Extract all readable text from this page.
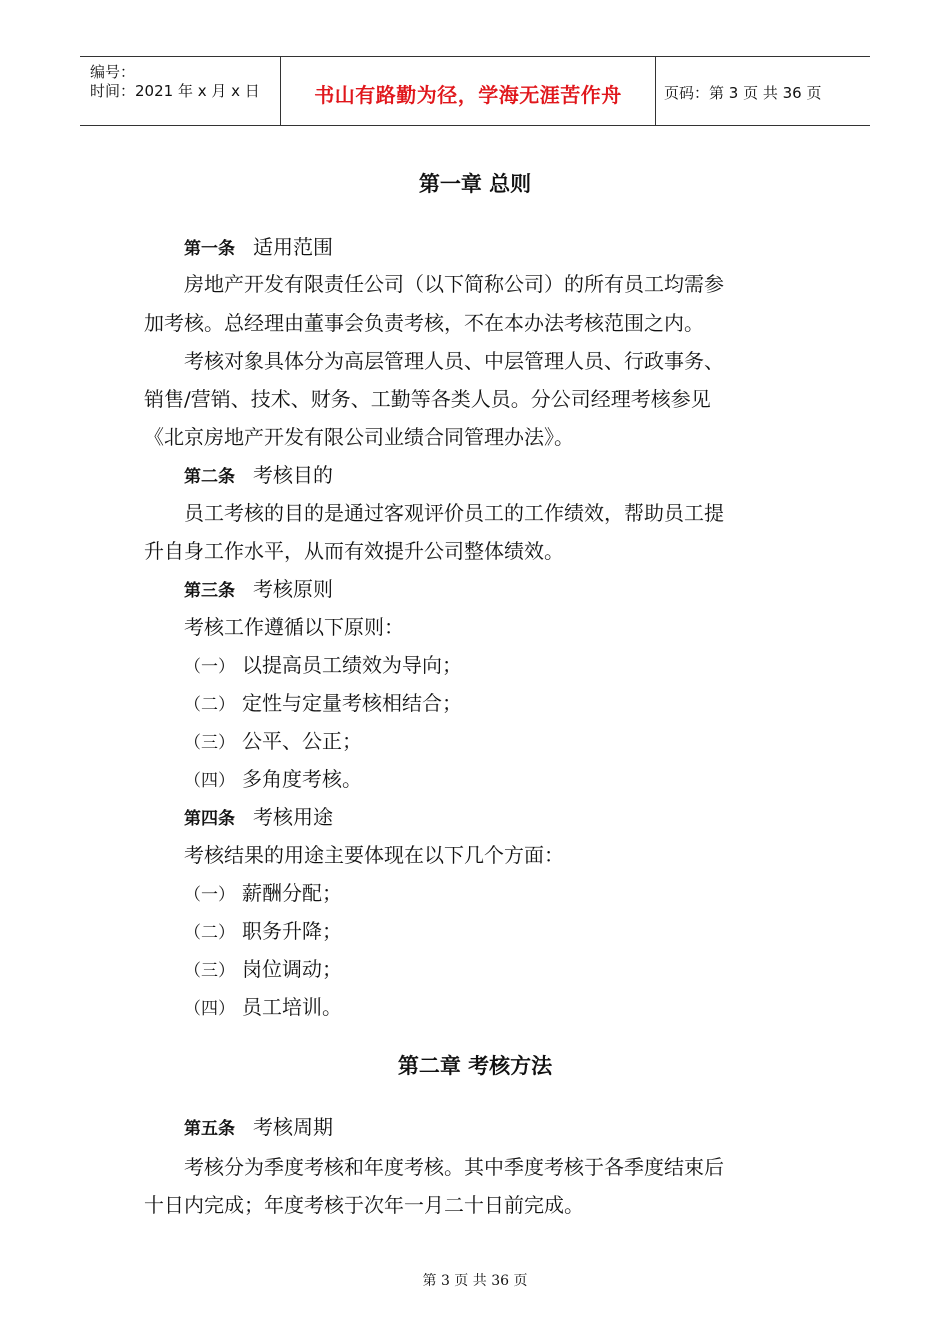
编号：
时间：2021 年 x 月 x 日	书山有路勤为径，学海无涯苦作舟	页码：第 3 页 共 36 页
第一章 总则
第一条 适用范围
房地产开发有限责任公司（以下简称公司）的所有员工均需参
加考核。总经理由董事会负责考核，不在本办法考核范围之内。
考核对象具体分为高层管理人员、中层管理人员、行政事务、
销售/营销、技术、财务、工勤等各类人员。分公司经理考核参见
《北京房地产开发有限公司业绩合同管理办法》。
第二条 考核目的
员工考核的目的是通过客观评价员工的工作绩效，帮助员工提
升自身工作水平，从而有效提升公司整体绩效。
第三条 考核原则
考核工作遵循以下原则：
（一） 以提高员工绩效为导向；
（二） 定性与定量考核相结合；
（三） 公平、公正；
（四） 多角度考核。
第四条 考核用途
考核结果的用途主要体现在以下几个方面：
（一） 薪酬分配；
（二） 职务升降；
（三） 岗位调动；
（四） 员工培训。
第二章 考核方法
第五条 考核周期
考核分为季度考核和年度考核。其中季度考核于各季度结束后
十日内完成；年度考核于次年一月二十日前完成。
第 3 页 共 36 页
